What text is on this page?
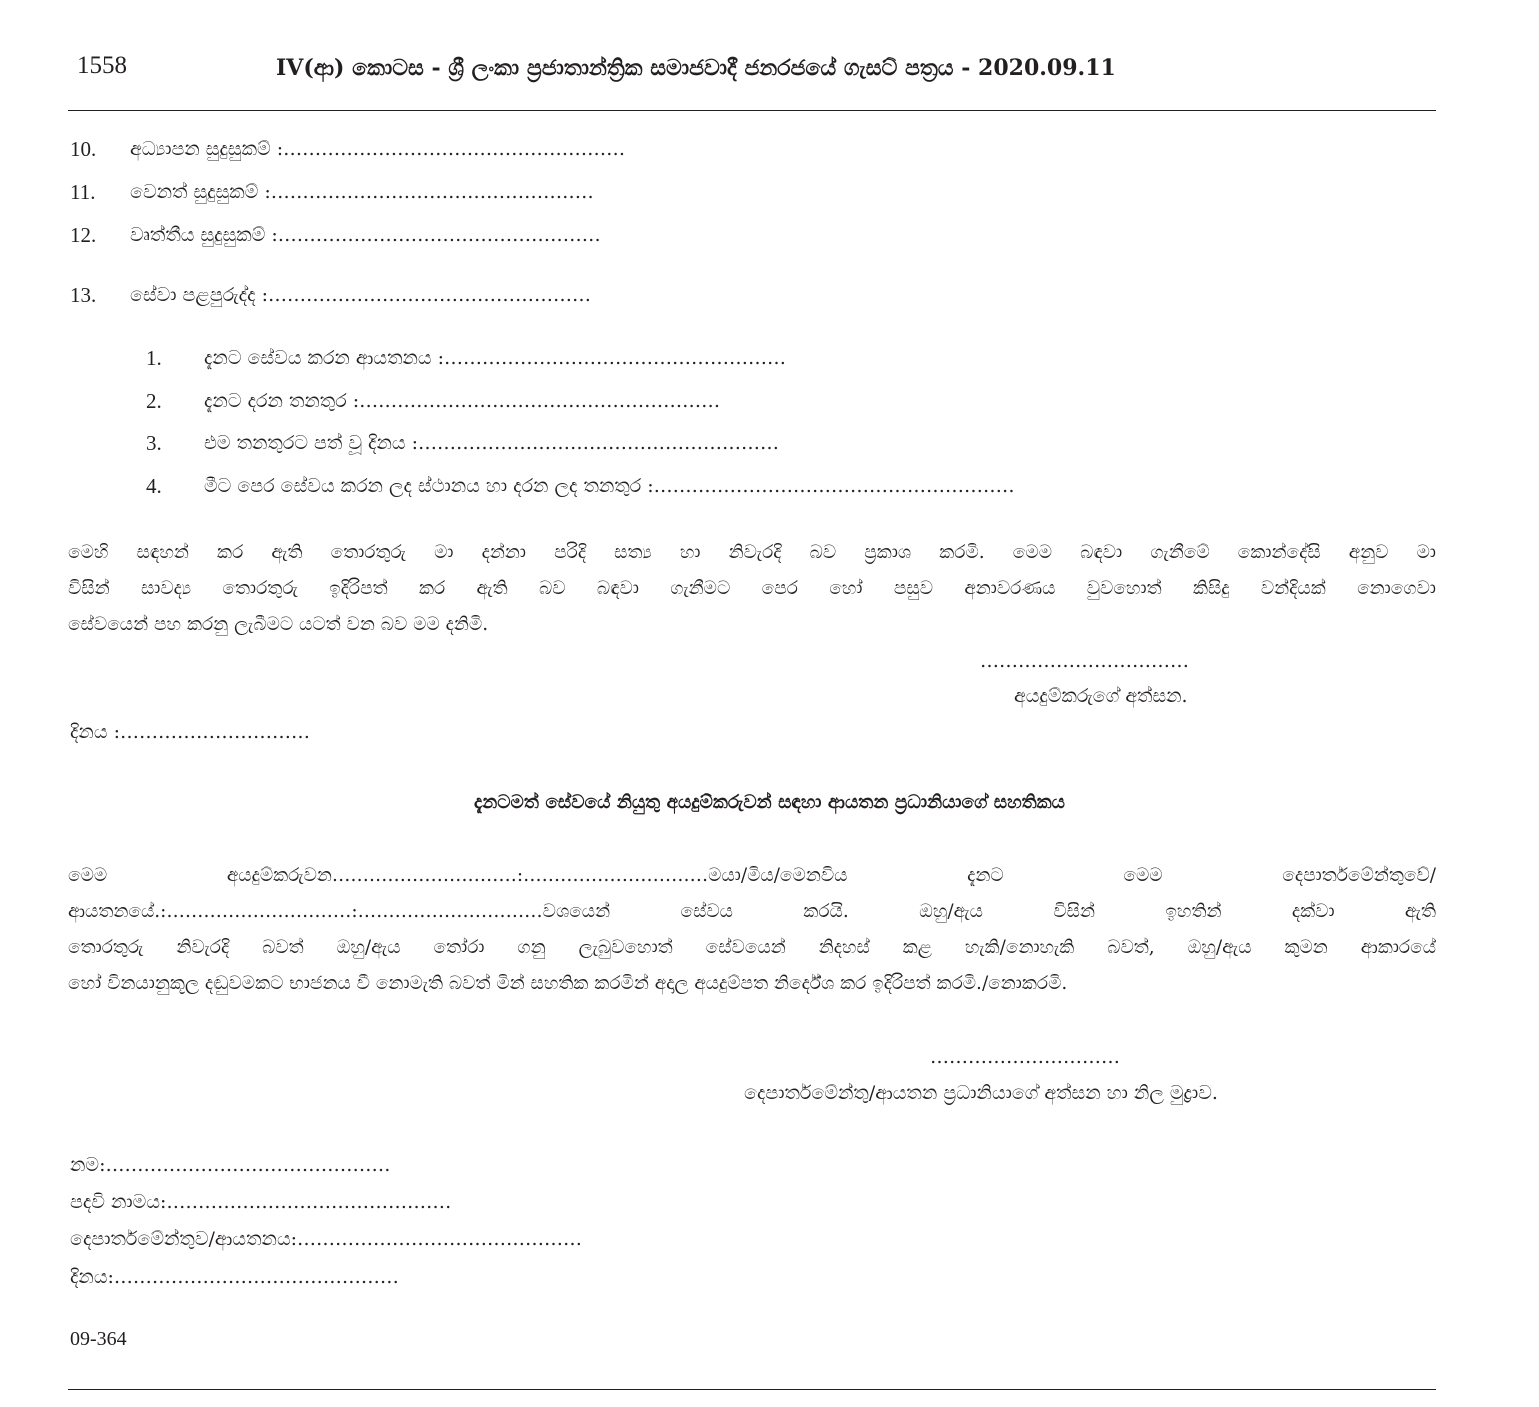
1558	IV(ආ) කොටස - ශ්‍රී ලංකා ප්‍රජාතාන්ත්‍රික සමාජවාදී ජනරජයේ ගැසට් පත්‍රය - 2020.09.11
10. අධ්‍යාපන සුදුසුකම් :………………………………………………
11. වෙනත් සුදුසුකම් :……………………………………………
12. වෘත්තීය සුදුසුකම් :……………………………………………
13. සේවා පළපුරුද්ද :……………………………………………
1. දැනට සේවය කරන ආයතනය :………………………………………………
2. දැනට දරන තනතුර :…………………………………………………
3. එම තනතුරට පත් වූ දිනය :…………………………………………………
4. මීට පෙර සේවය කරන ලද ස්ථානය හා දරන ලද තනතුර :…………………………………………………
මෙහි සඳහන් කර ඇති තොරතුරු මා දන්නා පරිදි සත්‍ය හා නිවැරදි බව ප්‍රකාශ කරමි. මෙම බඳවා ගැනීමේ කොන්දේසි අනුව මා
විසින් සාවද්‍ය තොරතුරු ඉදිරිපත් කර ඇති බව බඳවා ගැනීමට පෙර හෝ පසුව අනාවරණය වුවහොත් කිසිදු වන්දියක් නොගෙවා
සේවයෙන් පහ කරනු ලැබීමට යටත් වන බව මම දනිමි.
……………………………
අයදුම්කරුගේ අත්සන.
දිනය :…………………………
දැනටමත් සේවයේ නියුතු අයදුම්කරුවන් සඳහා ආයතන ප්‍රධානියාගේ සහතිකය
මෙම අයදුම්කරුවන…………………………:…………………………මයා/මිය/මෙනවිය දැනට මෙම දෙපාර්තමේන්තුවේ/
ආයතනයේ.:…………………………:…………………………වශයෙන් සේවය කරයි. ඔහු/ඇය විසින් ඉහතින් දක්වා ඇති
තොරතුරු නිවැරදි බවත් ඔහු/ඇය තෝරා ගනු ලැබුවහොත් සේවයෙන් නිදහස් කළ හැකි/නොහැකි බවත්, ඔහු/ඇය කුමන ආකාරයේ
හෝ විනයානුකූල දඬුවමකට භාජනය වී නොමැති බවත් මින් සහතික කරමින් අදාල අයදුම්පත නිර්දේශ කර ඉදිරිපත් කරමි./නොකරමි.
…………………………
දෙපාර්තමේන්තු/ආයතන ප්‍රධානියාගේ අත්සන හා නිල මුද්‍රාව.
නම:………………………………………
පදවි නාමය:………………………………………
දෙපාර්තමේන්තුව/ආයතනය:………………………………………
දිනය:………………………………………
09-364
